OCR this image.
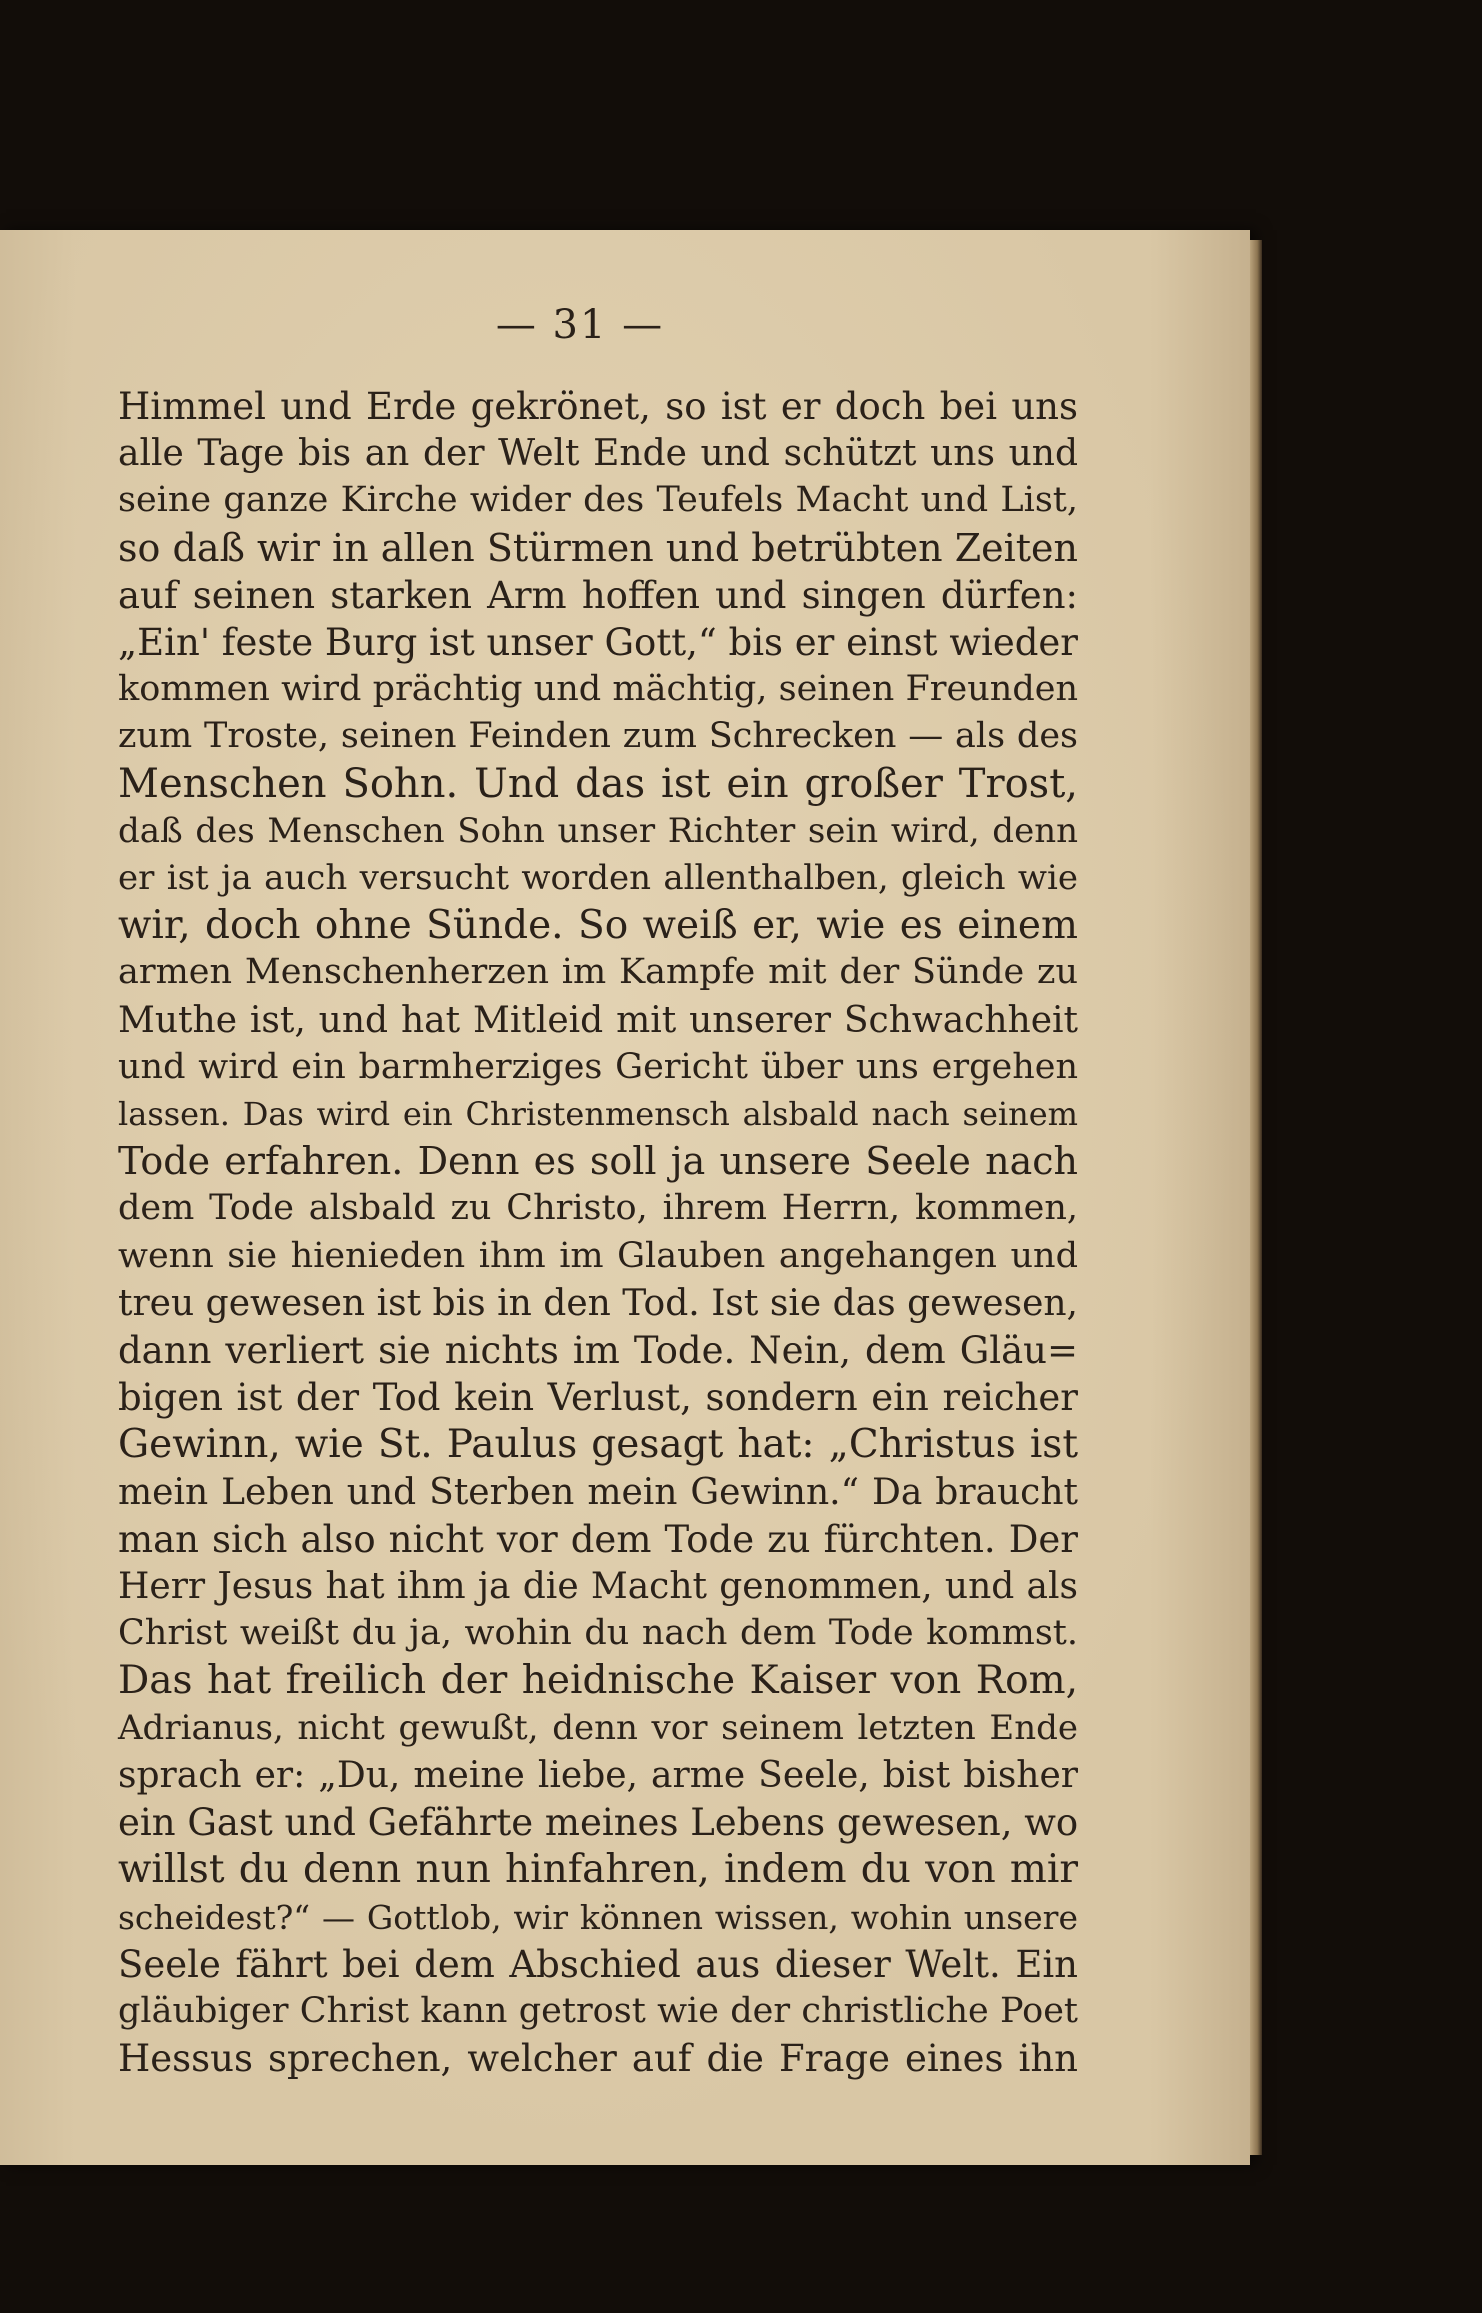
— 31 —
Himmel und Erde gekrönet, so ist er doch bei uns
alle Tage bis an der Welt Ende und schützt uns und
seine ganze Kirche wider des Teufels Macht und List,
so daß wir in allen Stürmen und betrübten Zeiten
auf seinen starken Arm hoffen und singen dürfen:
„Ein' feste Burg ist unser Gott,“ bis er einst wieder
kommen wird prächtig und mächtig, seinen Freunden
zum Troste, seinen Feinden zum Schrecken — als des
Menschen Sohn. Und das ist ein großer Trost,
daß des Menschen Sohn unser Richter sein wird, denn
er ist ja auch versucht worden allenthalben, gleich wie
wir, doch ohne Sünde. So weiß er, wie es einem
armen Menschenherzen im Kampfe mit der Sünde zu
Muthe ist, und hat Mitleid mit unserer Schwachheit
und wird ein barmherziges Gericht über uns ergehen
lassen. Das wird ein Christenmensch alsbald nach seinem
Tode erfahren. Denn es soll ja unsere Seele nach
dem Tode alsbald zu Christo, ihrem Herrn, kommen,
wenn sie hienieden ihm im Glauben angehangen und
treu gewesen ist bis in den Tod. Ist sie das gewesen,
dann verliert sie nichts im Tode. Nein, dem Gläu=
bigen ist der Tod kein Verlust, sondern ein reicher
Gewinn, wie St. Paulus gesagt hat: „Christus ist
mein Leben und Sterben mein Gewinn.“ Da braucht
man sich also nicht vor dem Tode zu fürchten. Der
Herr Jesus hat ihm ja die Macht genommen, und als
Christ weißt du ja, wohin du nach dem Tode kommst.
Das hat freilich der heidnische Kaiser von Rom,
Adrianus, nicht gewußt, denn vor seinem letzten Ende
sprach er: „Du, meine liebe, arme Seele, bist bisher
ein Gast und Gefährte meines Lebens gewesen, wo
willst du denn nun hinfahren, indem du von mir
scheidest?“ — Gottlob, wir können wissen, wohin unsere
Seele fährt bei dem Abschied aus dieser Welt. Ein
gläubiger Christ kann getrost wie der christliche Poet
Hessus sprechen, welcher auf die Frage eines ihn
